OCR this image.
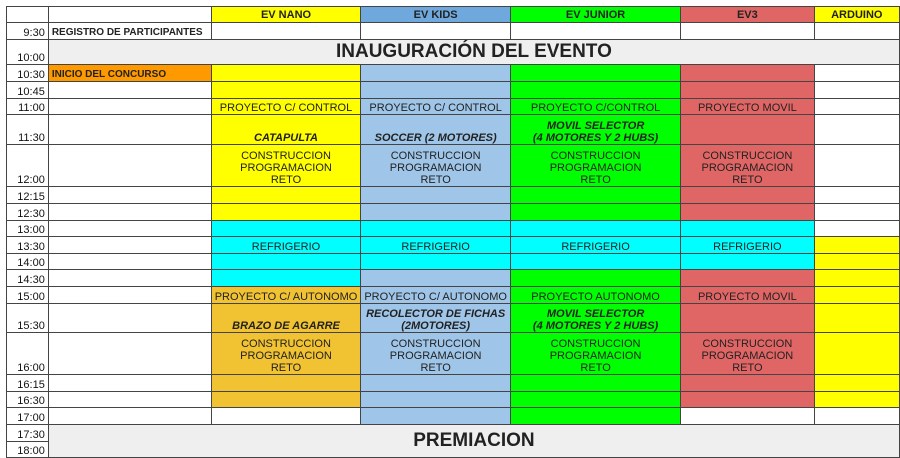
		EV NANO	EV KIDS	EV JUNIOR	EV3	ARDUINO
9:30	REGISTRO DE PARTICIPANTES					
10:00	INAUGURACIÓN DEL EVENTO					
10:30	INICIO DEL CONCURSO					
10:45						
11:00		PROYECTO C/ CONTROL	PROYECTO C/ CONTROL	PROYECTO C/CONTROL	PROYECTO MOVIL	
11:30		CATAPULTA	SOCCER (2 MOTORES)	MOVIL SELECTOR
(4 MOTORES Y 2 HUBS)		
12:00		CONSTRUCCION
PROGRAMACION
RETO	CONSTRUCCION
PROGRAMACION
RETO	CONSTRUCCION
PROGRAMACION
RETO	CONSTRUCCION
PROGRAMACION
RETO	
12:15						
12:30						
13:00						
13:30		REFRIGERIO	REFRIGERIO	REFRIGERIO	REFRIGERIO	
14:00						
14:30						
15:00		PROYECTO C/ AUTONOMO	PROYECTO C/ AUTONOMO	PROYECTO AUTONOMO	PROYECTO MOVIL	
15:30		BRAZO DE AGARRE	RECOLECTOR DE FICHAS
(2MOTORES)	MOVIL SELECTOR
(4 MOTORES Y 2 HUBS)		
16:00		CONSTRUCCION
PROGRAMACION
RETO	CONSTRUCCION
PROGRAMACION
RETO	CONSTRUCCION
PROGRAMACION
RETO	CONSTRUCCION
PROGRAMACION
RETO	
16:15						
16:30						
17:00						
17:30	PREMIACION					
18:00						
